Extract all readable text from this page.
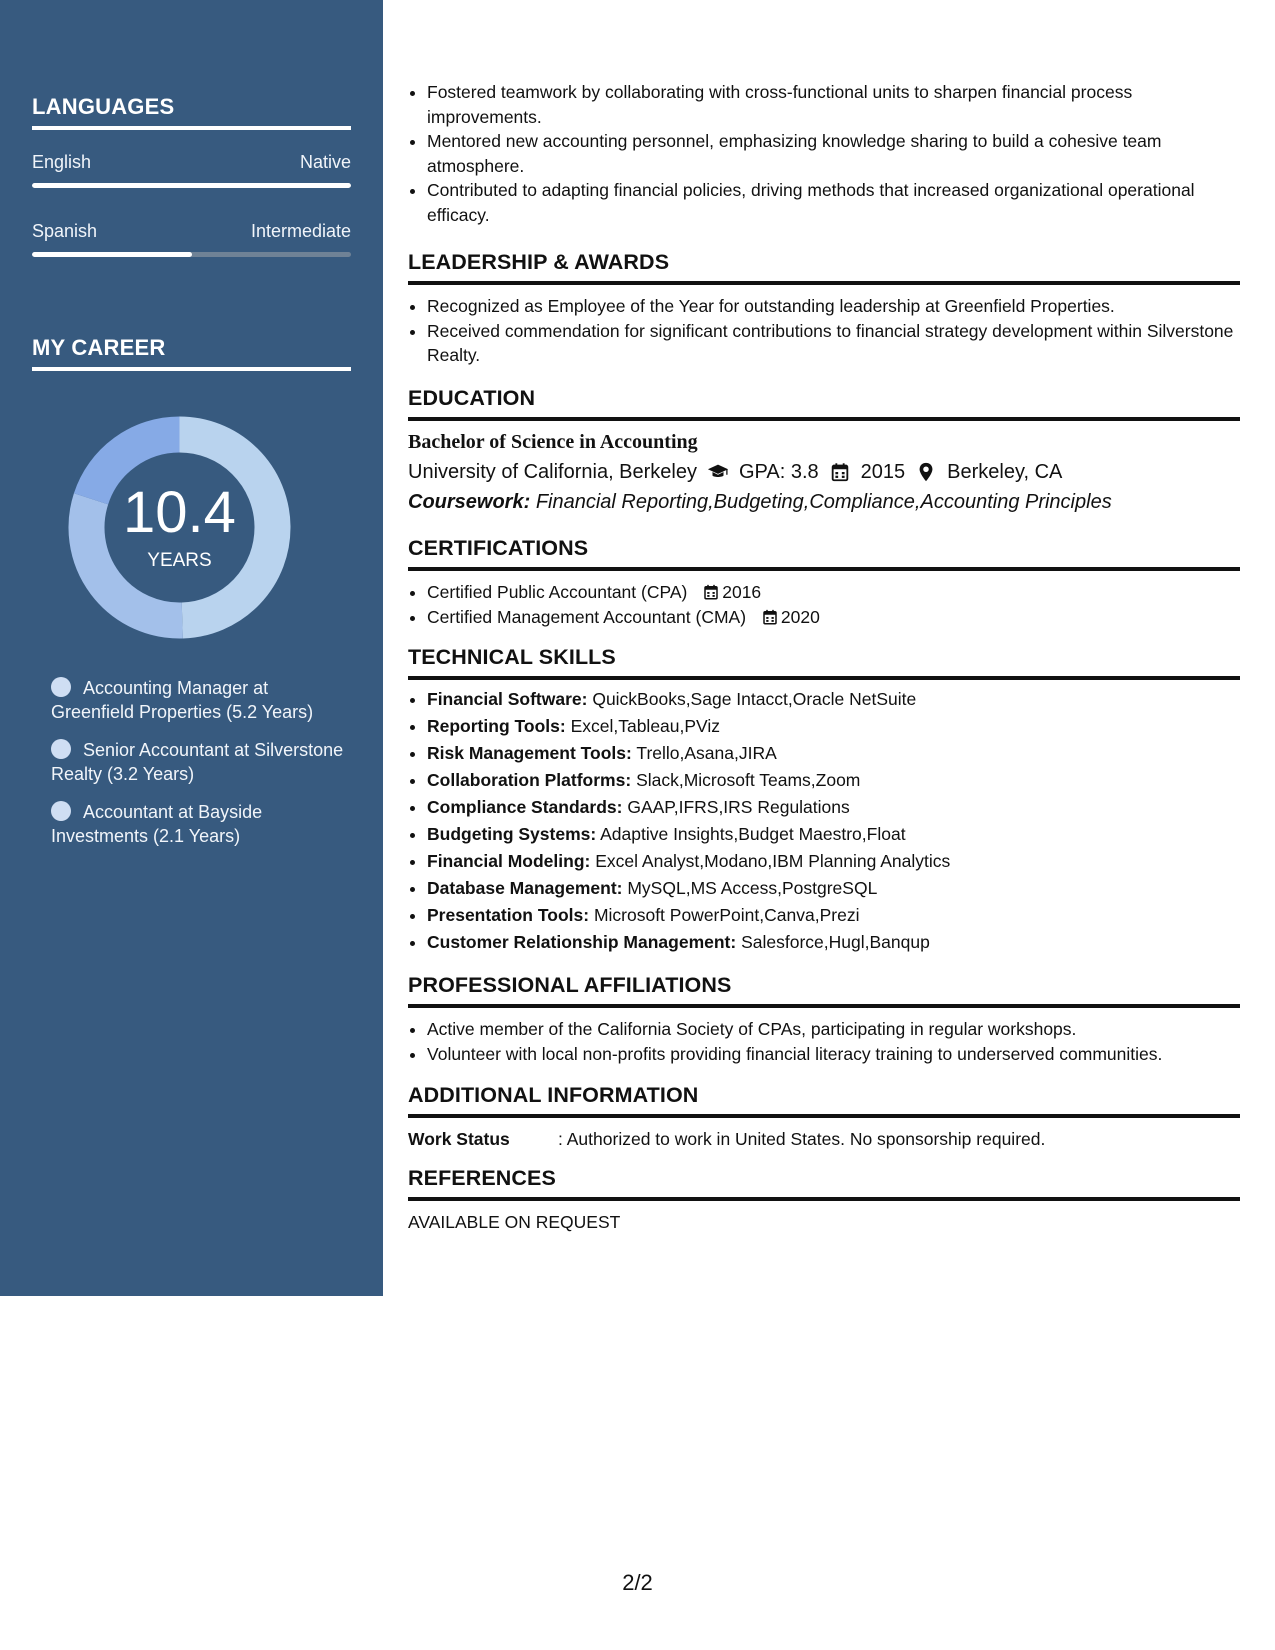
LANGUAGES
English	Native
Spanish	Intermediate
MY CAREER
10.4
YEARS
Accounting Manager at Greenfield Properties (5.2 Years)
Senior Accountant at Silverstone Realty (3.2 Years)
Accountant at Bayside Investments (2.1 Years)
• Fostered teamwork by collaborating with cross-functional units to sharpen financial process improvements.
• Mentored new accounting personnel, emphasizing knowledge sharing to build a cohesive team atmosphere.
• Contributed to adapting financial policies, driving methods that increased organizational operational efficacy.
LEADERSHIP & AWARDS
• Recognized as Employee of the Year for outstanding leadership at Greenfield Properties.
• Received commendation for significant contributions to financial strategy development within Silverstone Realty.
EDUCATION
Bachelor of Science in Accounting
University of California, Berkeley GPA: 3.8 2015 Berkeley, CA
Coursework: Financial Reporting,Budgeting,Compliance,Accounting Principles
CERTIFICATIONS
• Certified Public Accountant (CPA) 2016
• Certified Management Accountant (CMA) 2020
TECHNICAL SKILLS
• Financial Software: QuickBooks,Sage Intacct,Oracle NetSuite
• Reporting Tools: Excel,Tableau,PViz
• Risk Management Tools: Trello,Asana,JIRA
• Collaboration Platforms: Slack,Microsoft Teams,Zoom
• Compliance Standards: GAAP,IFRS,IRS Regulations
• Budgeting Systems: Adaptive Insights,Budget Maestro,Float
• Financial Modeling: Excel Analyst,Modano,IBM Planning Analytics
• Database Management: MySQL,MS Access,PostgreSQL
• Presentation Tools: Microsoft PowerPoint,Canva,Prezi
• Customer Relationship Management: Salesforce,Hugl,Banqup
PROFESSIONAL AFFILIATIONS
• Active member of the California Society of CPAs, participating in regular workshops.
• Volunteer with local non-profits providing financial literacy training to underserved communities.
ADDITIONAL INFORMATION
Work Status	: Authorized to work in United States. No sponsorship required.
REFERENCES
AVAILABLE ON REQUEST
2/2
